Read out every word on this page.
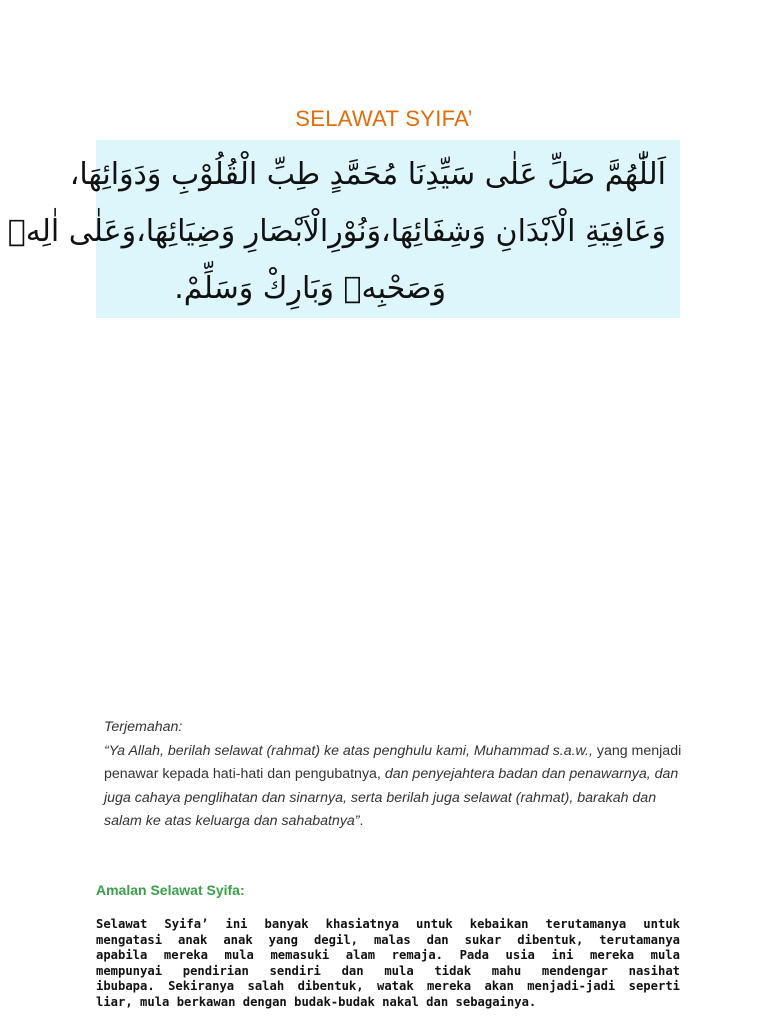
SELAWAT SYIFA’
اَللّٰهُمَّ صَلِّ عَلٰى سَيِّدِنَا مُحَمَّدٍ طِبِّ الْقُلُوْبِ وَدَوَائِهَا،
وَعَافِيَةِ الْاَبْدَانِ وَشِفَائِهَا،وَنُوْرِالْاَبْصَارِ وَضِيَائِهَا،وَعَلٰى اٰلِهٖ
وَصَحْبِهٖ وَبَارِكْ وَسَلِّمْ.
Terjemahan:
“Ya Allah, berilah selawat (rahmat) ke atas penghulu kami, Muhammad s.a.w., yang menjadi penawar kepada hati-hati dan pengubatnya, dan penyejahtera badan dan penawarnya, dan juga cahaya penglihatan dan sinarnya, serta berilah juga selawat (rahmat), barakah dan salam ke atas keluarga dan sahabatnya”.
Amalan Selawat Syifa:
Selawat Syifa’ ini banyak khasiatnya untuk kebaikan terutamanya untuk
mengatasi anak anak yang degil, malas dan sukar dibentuk, terutamanya
apabila mereka mula memasuki alam remaja. Pada usia ini mereka mula
mempunyai pendirian sendiri dan mula tidak mahu mendengar nasihat
ibubapa. Sekiranya salah dibentuk, watak mereka akan menjadi-jadi seperti
liar, mula berkawan dengan budak-budak nakal dan sebagainya.
